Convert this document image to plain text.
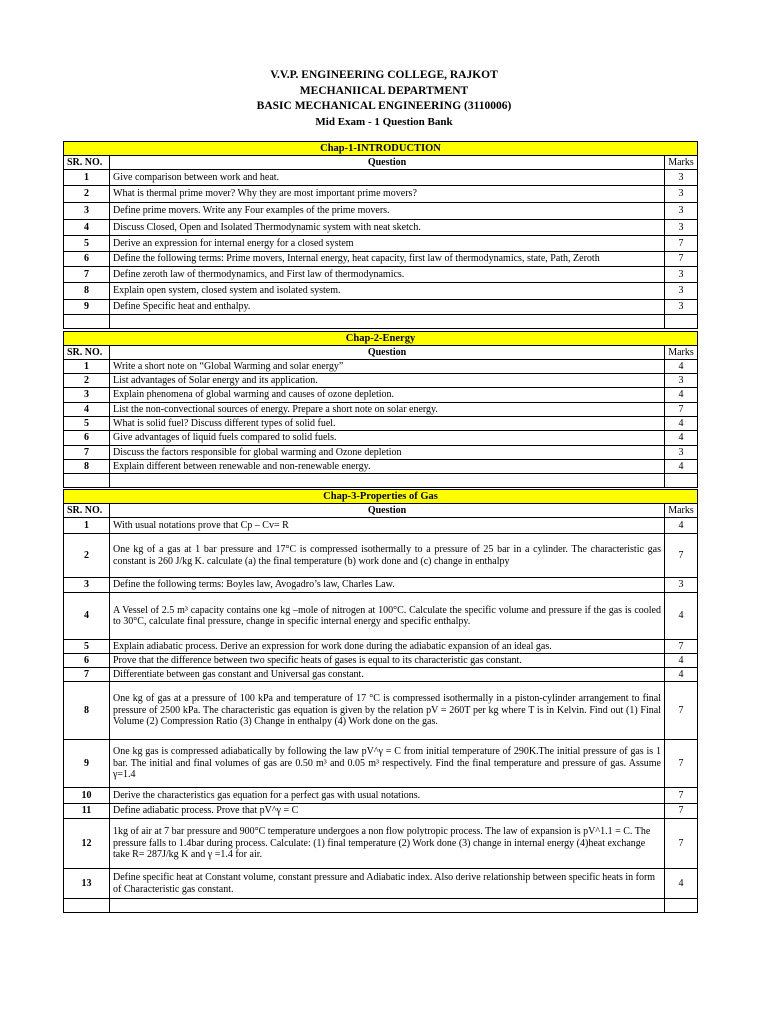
V.V.P. ENGINEERING COLLEGE, RAJKOT
MECHANIICAL DEPARTMENT
BASIC MECHANICAL ENGINEERING (3110006)
Mid Exam - 1 Question Bank
Chap-1-INTRODUCTION		
SR. NO.	Question	Marks
1	Give comparison between work and heat.	3
2	What is thermal prime mover? Why they are most important prime movers?	3
3	Define prime movers. Write any Four examples of the prime movers.	3
4	Discuss Closed, Open and Isolated Thermodynamic system with neat sketch.	3
5	Derive an expression for internal energy for a closed system	7
6	Define the following terms: Prime movers, Internal energy, heat capacity, first law of thermodynamics, state, Path, Zeroth	7
7	Define zeroth law of thermodynamics, and First law of thermodynamics.	3
8	Explain open system, closed system and isolated system.	3
9	Define Specific heat and enthalpy.	3

Chap-2-Energy		
SR. NO.	Question	Marks
1	Write a short note on “Global Warming and solar energy”	4
2	List advantages of Solar energy and its application.	3
3	Explain phenomena of global warming and causes of ozone depletion.	4
4	List the non-convectional sources of energy. Prepare a short note on solar energy.	7
5	What is solid fuel? Discuss different types of solid fuel.	4
6	Give advantages of liquid fuels compared to solid fuels.	4
7	Discuss the factors responsible for global warming and Ozone depletion	3
8	Explain different between renewable and non-renewable energy.	4

Chap-3-Properties of Gas		
SR. NO.	Question	Marks
1	With usual notations prove that Cp – Cv= R	4
2	One kg of a gas at 1 bar pressure and 17°C is compressed isothermally to a pressure of 25 bar in a cylinder. The characteristic gas constant is 260 J/kg K. calculate (a) the final temperature (b) work done and (c) change in enthalpy	7
3	Define the following terms: Boyles law, Avogadro’s law, Charles Law.	3
4	A Vessel of 2.5 m³ capacity contains one kg –mole of nitrogen at 100°C. Calculate the specific volume and pressure if the gas is cooled to 30°C, calculate final pressure, change in specific internal energy and specific enthalpy.	4
5	Explain adiabatic process. Derive an expression for work done during the adiabatic expansion of an ideal gas.	7
6	Prove that the difference between two specific heats of gases is equal to its characteristic gas constant.	4
7	Differentiate between gas constant and Universal gas constant.	4
8	One kg of gas at a pressure of 100 kPa and temperature of 17 °C is compressed isothermally in a piston-cylinder arrangement to final pressure of 2500 kPa. The characteristic gas equation is given by the relation pV = 260T per kg where T is in Kelvin. Find out (1) Final Volume (2) Compression Ratio (3) Change in enthalpy (4) Work done on the gas.	7
9	One kg gas is compressed adiabatically by following the law pV^γ = C from initial temperature of 290K.The initial pressure of gas is 1 bar. The initial and final volumes of gas are 0.50 m³ and 0.05 m³ respectively. Find the final temperature and pressure of gas. Assume γ=1.4	7
10	Derive the characteristics gas equation for a perfect gas with usual notations.	7
11	Define adiabatic process. Prove that pV^γ = C	7
12	1kg of air at 7 bar pressure and 900°C temperature undergoes a non flow polytropic process. The law of expansion is pV^1.1 = C. The pressure falls to 1.4bar during process. Calculate: (1) final temperature (2) Work done (3) change in internal energy (4)heat exchange take R= 287J/kg K and γ =1.4 for air.	7
13	Define specific heat at Constant volume, constant pressure and Adiabatic index. Also derive relationship between specific heats in form of Characteristic gas constant.	4
